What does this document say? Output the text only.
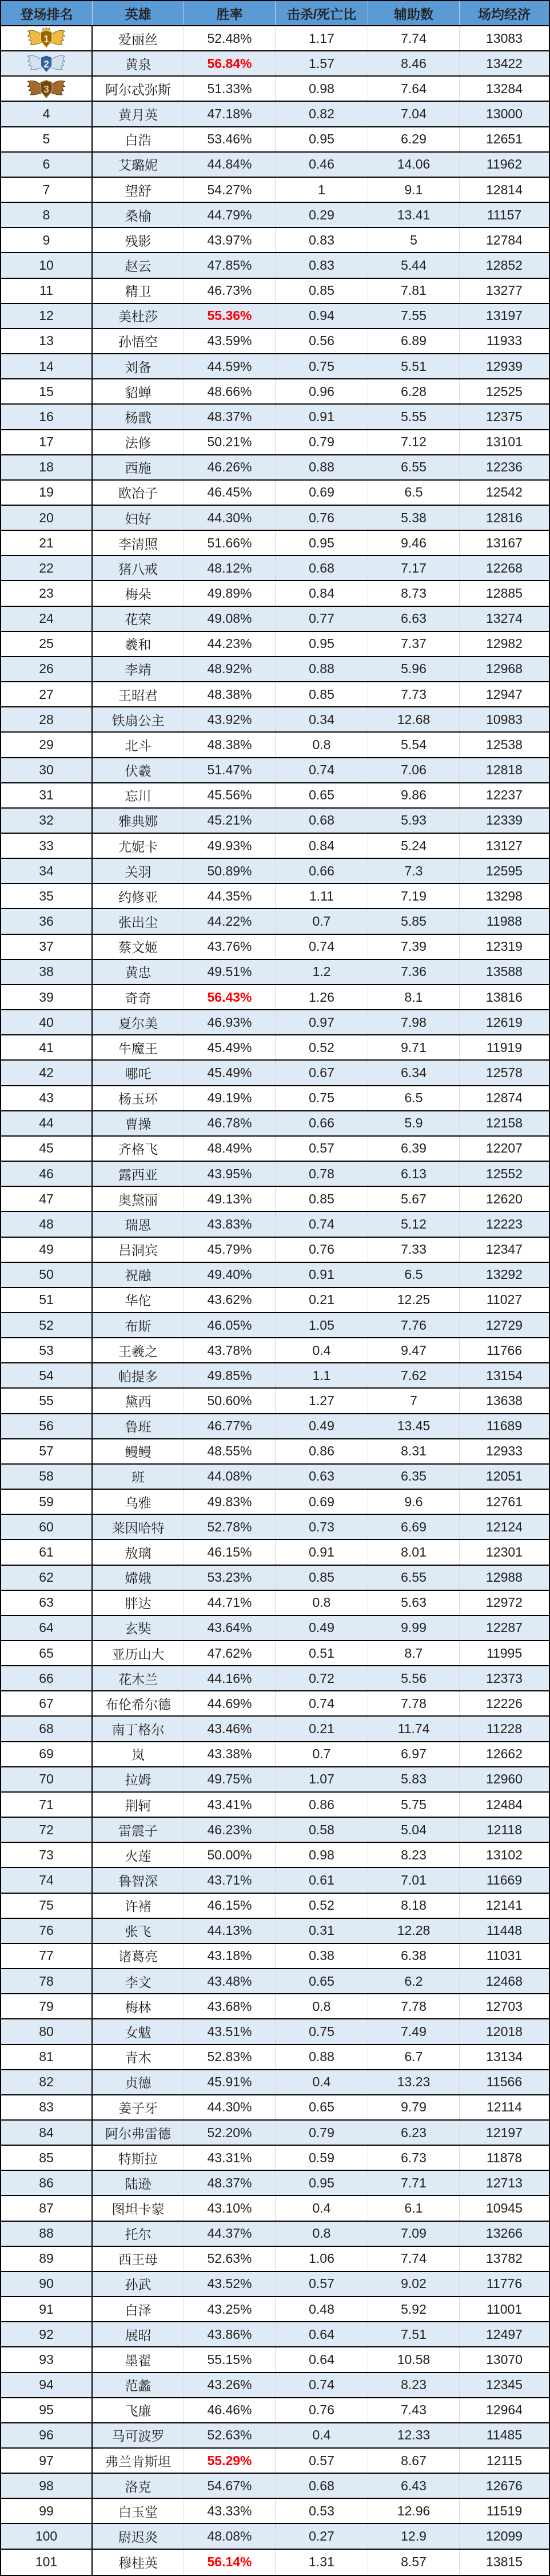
登场排名	英雄	胜率	击杀/死亡比	辅助数	场均经济
1	爱丽丝	52.48%	1.17	7.74	13083
2	黄泉	56.84%	1.57	8.46	13422
3	阿尔忒弥斯	51.33%	0.98	7.64	13284
4	黄月英	47.18%	0.82	7.04	13000
5	白浩	53.46%	0.95	6.29	12651
6	艾璐妮	44.84%	0.46	14.06	11962
7	望舒	54.27%	1	9.1	12814
8	桑榆	44.79%	0.29	13.41	11157
9	残影	43.97%	0.83	5	12784
10	赵云	47.85%	0.83	5.44	12852
11	精卫	46.73%	0.85	7.81	13277
12	美杜莎	55.36%	0.94	7.55	13197
13	孙悟空	43.59%	0.56	6.89	11933
14	刘备	44.59%	0.75	5.51	12939
15	貂蝉	48.66%	0.96	6.28	12525
16	杨戬	48.37%	0.91	5.55	12375
17	法修	50.21%	0.79	7.12	13101
18	西施	46.26%	0.88	6.55	12236
19	欧冶子	46.45%	0.69	6.5	12542
20	妇好	44.30%	0.76	5.38	12816
21	李清照	51.66%	0.95	9.46	13167
22	猪八戒	48.12%	0.68	7.17	12268
23	梅朵	49.89%	0.84	8.73	12885
24	花荣	49.08%	0.77	6.63	13274
25	羲和	44.23%	0.95	7.37	12982
26	李靖	48.92%	0.88	5.96	12968
27	王昭君	48.38%	0.85	7.73	12947
28	铁扇公主	43.92%	0.34	12.68	10983
29	北斗	48.38%	0.8	5.54	12538
30	伏羲	51.47%	0.74	7.06	12818
31	忘川	45.56%	0.65	9.86	12237
32	雅典娜	45.21%	0.68	5.93	12339
33	尤妮卡	49.93%	0.84	5.24	13127
34	关羽	50.89%	0.66	7.3	12595
35	约修亚	44.35%	1.11	7.19	13298
36	张出尘	44.22%	0.7	5.85	11988
37	蔡文姬	43.76%	0.74	7.39	12319
38	黄忠	49.51%	1.2	7.36	13588
39	奇奇	56.43%	1.26	8.1	13816
40	夏尔美	46.93%	0.97	7.98	12619
41	牛魔王	45.49%	0.52	9.71	11919
42	哪吒	45.49%	0.67	6.34	12578
43	杨玉环	49.19%	0.75	6.5	12874
44	曹操	46.78%	0.66	5.9	12158
45	齐格飞	48.49%	0.57	6.39	12207
46	露西亚	43.95%	0.78	6.13	12552
47	奥黛丽	49.13%	0.85	5.67	12620
48	瑞恩	43.83%	0.74	5.12	12223
49	吕洞宾	45.79%	0.76	7.33	12347
50	祝融	49.40%	0.91	6.5	13292
51	华佗	43.62%	0.21	12.25	11027
52	布斯	46.05%	1.05	7.76	12729
53	王羲之	43.78%	0.4	9.47	11766
54	帕提多	49.85%	1.1	7.62	13154
55	黛西	50.60%	1.27	7	13638
56	鲁班	46.77%	0.49	13.45	11689
57	鳗鳗	48.55%	0.86	8.31	12933
58	班	44.08%	0.63	6.35	12051
59	乌雅	49.83%	0.69	9.6	12761
60	莱因哈特	52.78%	0.73	6.69	12124
61	敖璃	46.15%	0.91	8.01	12301
62	嫦娥	53.23%	0.85	6.55	12988
63	胖达	44.71%	0.8	5.63	12972
64	玄奘	43.64%	0.49	9.99	12287
65	亚历山大	47.62%	0.51	8.7	11995
66	花木兰	44.16%	0.72	5.56	12373
67	布伦希尔德	44.69%	0.74	7.78	12226
68	南丁格尔	43.46%	0.21	11.74	11228
69	岚	43.38%	0.7	6.97	12662
70	拉姆	49.75%	1.07	5.83	12960
71	荆轲	43.41%	0.86	5.75	12484
72	雷震子	46.23%	0.58	5.04	12118
73	火莲	50.00%	0.98	8.23	13102
74	鲁智深	43.71%	0.61	7.01	11669
75	许褚	46.15%	0.52	8.18	12141
76	张飞	44.13%	0.31	12.28	11448
77	诸葛亮	43.18%	0.38	6.38	11031
78	李文	43.48%	0.65	6.2	12468
79	梅林	43.68%	0.8	7.78	12703
80	女魃	43.51%	0.75	7.49	12018
81	青木	52.83%	0.88	6.7	13134
82	贞德	45.91%	0.4	13.23	11566
83	姜子牙	44.30%	0.65	9.79	12114
84	阿尔弗雷德	52.20%	0.79	6.23	12197
85	特斯拉	43.31%	0.59	6.73	11878
86	陆逊	48.37%	0.95	7.71	12713
87	图坦卡蒙	43.10%	0.4	6.1	10945
88	托尔	44.37%	0.8	7.09	13266
89	西王母	52.63%	1.06	7.74	13782
90	孙武	43.52%	0.57	9.02	11776
91	白泽	43.25%	0.48	5.92	11001
92	展昭	43.86%	0.64	7.51	12497
93	墨翟	55.15%	0.64	10.58	13070
94	范蠡	43.26%	0.74	8.23	12345
95	飞廉	46.46%	0.76	7.43	12964
96	马可波罗	52.63%	0.4	12.33	11485
97	弗兰肯斯坦	55.29%	0.57	8.67	12115
98	洛克	54.67%	0.68	6.43	12676
99	白玉堂	43.33%	0.53	12.96	11519
100	尉迟炎	48.08%	0.27	12.9	12099
101	穆桂英	56.14%	1.31	8.57	13815
